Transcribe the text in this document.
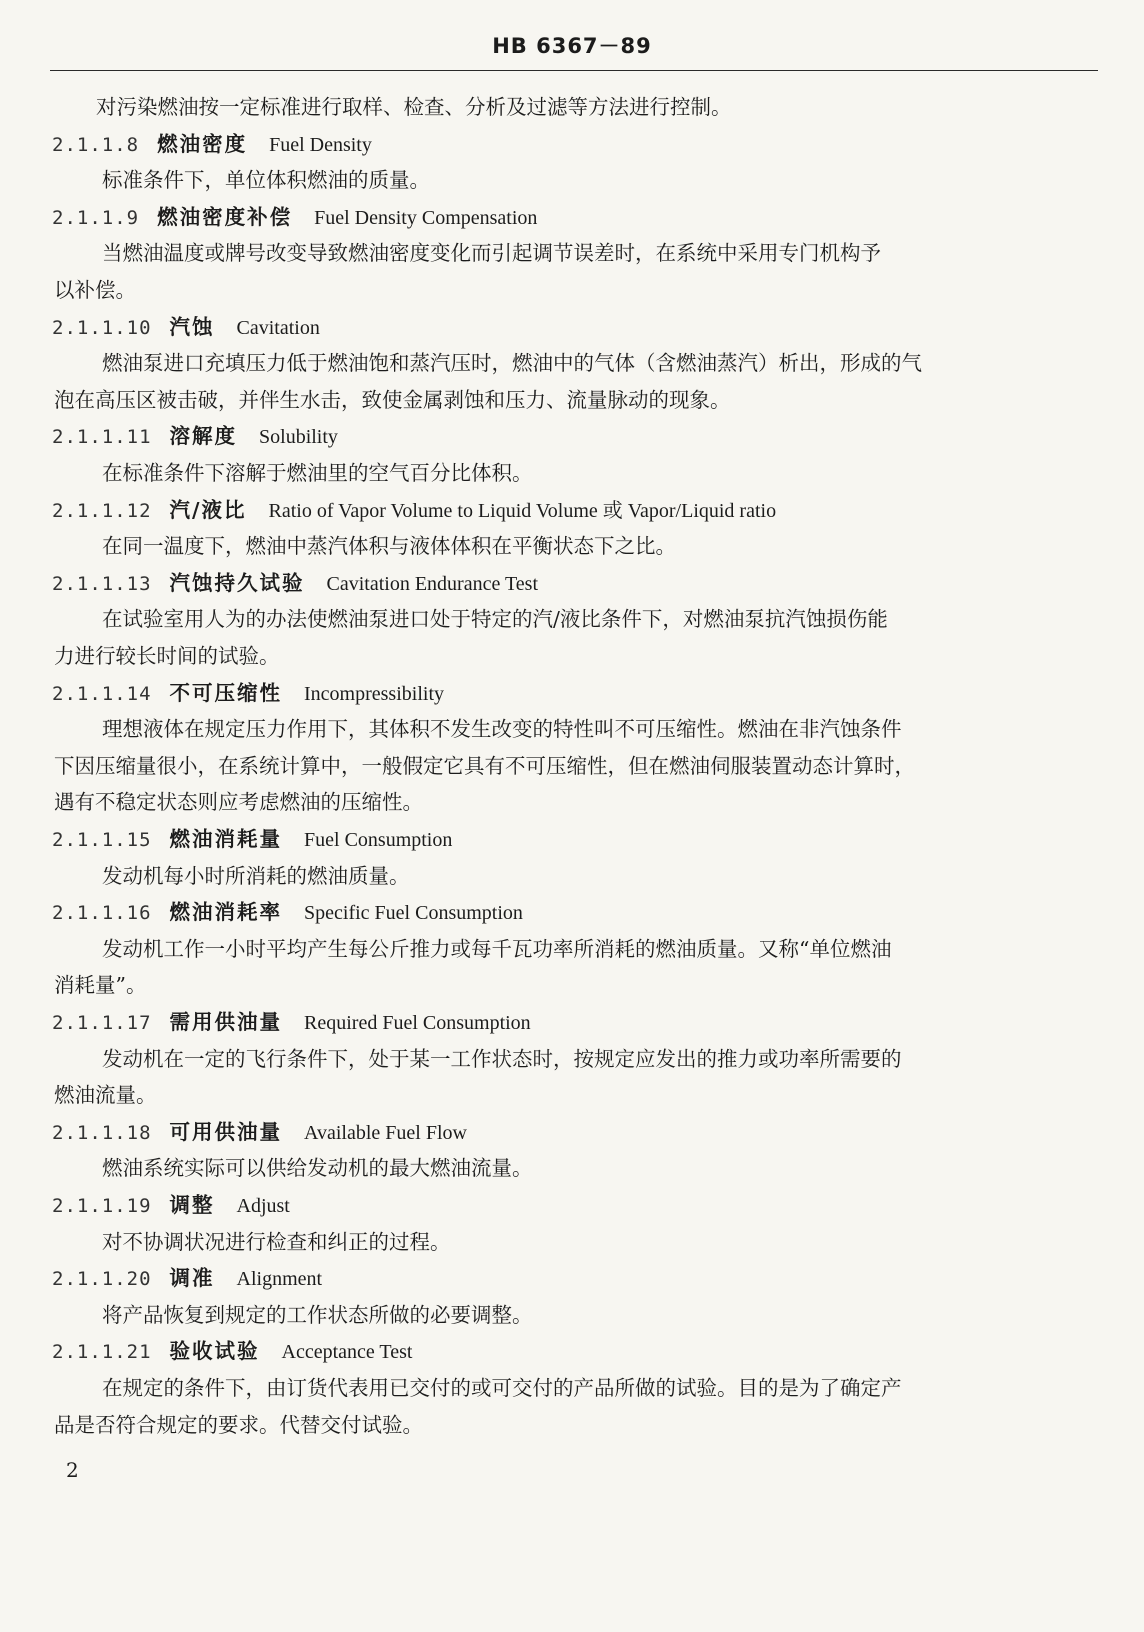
HB 6367－89
对污染燃油按一定标准进行取样、检查、分析及过滤等方法进行控制。
2.1.1.8 燃油密度 Fuel Density
标准条件下，单位体积燃油的质量。
2.1.1.9 燃油密度补偿 Fuel Density Compensation
当燃油温度或牌号改变导致燃油密度变化而引起调节误差时，在系统中采用专门机构予
以补偿。
2.1.1.10 汽蚀 Cavitation
燃油泵进口充填压力低于燃油饱和蒸汽压时，燃油中的气体（含燃油蒸汽）析出，形成的气
泡在高压区被击破，并伴生水击，致使金属剥蚀和压力、流量脉动的现象。
2.1.1.11 溶解度 Solubility
在标准条件下溶解于燃油里的空气百分比体积。
2.1.1.12 汽/液比 Ratio of Vapor Volume to Liquid Volume 或 Vapor/Liquid ratio
在同一温度下，燃油中蒸汽体积与液体体积在平衡状态下之比。
2.1.1.13 汽蚀持久试验 Cavitation Endurance Test
在试验室用人为的办法使燃油泵进口处于特定的汽/液比条件下，对燃油泵抗汽蚀损伤能
力进行较长时间的试验。
2.1.1.14 不可压缩性 Incompressibility
理想液体在规定压力作用下，其体积不发生改变的特性叫不可压缩性。燃油在非汽蚀条件
下因压缩量很小，在系统计算中，一般假定它具有不可压缩性，但在燃油伺服装置动态计算时，
遇有不稳定状态则应考虑燃油的压缩性。
2.1.1.15 燃油消耗量 Fuel Consumption
发动机每小时所消耗的燃油质量。
2.1.1.16 燃油消耗率 Specific Fuel Consumption
发动机工作一小时平均产生每公斤推力或每千瓦功率所消耗的燃油质量。又称“单位燃油
消耗量”。
2.1.1.17 需用供油量 Required Fuel Consumption
发动机在一定的飞行条件下，处于某一工作状态时，按规定应发出的推力或功率所需要的
燃油流量。
2.1.1.18 可用供油量 Available Fuel Flow
燃油系统实际可以供给发动机的最大燃油流量。
2.1.1.19 调整 Adjust
对不协调状况进行检查和纠正的过程。
2.1.1.20 调准 Alignment
将产品恢复到规定的工作状态所做的必要调整。
2.1.1.21 验收试验 Acceptance Test
在规定的条件下，由订货代表用已交付的或可交付的产品所做的试验。目的是为了确定产
品是否符合规定的要求。代替交付试验。
2
